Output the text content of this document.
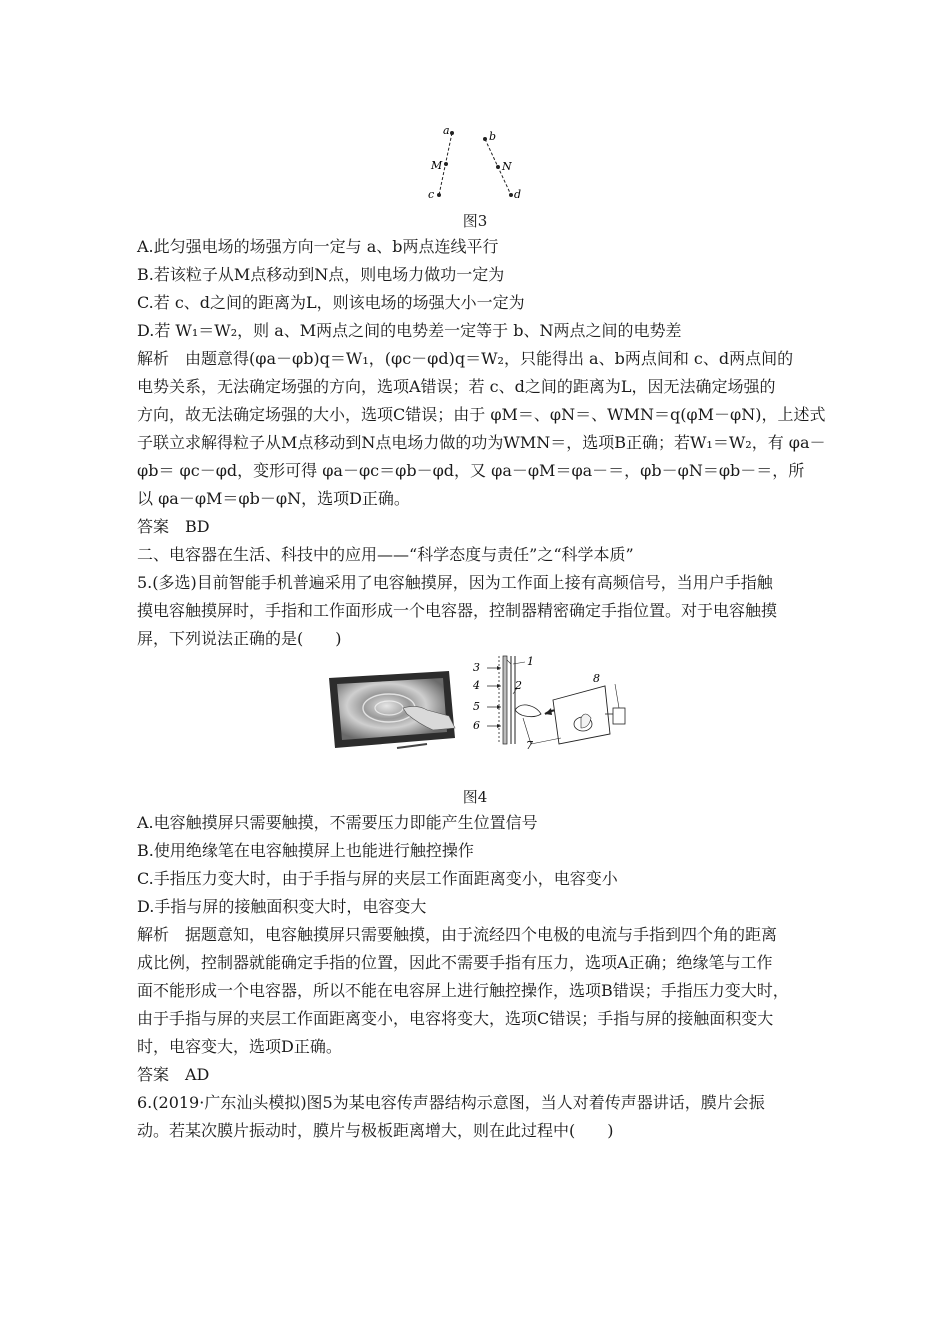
a	b
M	N
c	d
图3
A.此匀强电场的场强方向一定与 a、b两点连线平行
B.若该粒子从M点移动到N点，则电场力做功一定为
C.若 c、d之间的距离为L，则该电场的场强大小一定为
D.若 W₁＝W₂，则 a、M两点之间的电势差一定等于 b、N两点之间的电势差
解析　由题意得(φa－φb)q＝W₁，(φc－φd)q＝W₂，只能得出 a、b两点间和 c、d两点间的
电势关系，无法确定场强的方向，选项A错误；若 c、d之间的距离为L，因无法确定场强的
方向，故无法确定场强的大小，选项C错误；由于 φM＝、φN＝、WMN＝q(φM－φN)，上述式
子联立求解得粒子从M点移动到N点电场力做的功为WMN＝，选项B正确；若W₁＝W₂，有 φa－
φb＝ φc－φd，变形可得 φa－φc＝φb－φd，又 φa－φM＝φa－＝，φb－φN＝φb－＝，所
以 φa－φM＝φb－φN，选项D正确。
答案　BD
二、电容器在生活、科技中的应用——“科学态度与责任”之“科学本质”
5.(多选)目前智能手机普遍采用了电容触摸屏，因为工作面上接有高频信号，当用户手指触
摸电容触摸屏时，手指和工作面形成一个电容器，控制器精密确定手指位置。对于电容触摸
屏，下列说法正确的是(　　)
1
2
3
4
5
6
7
8
图4
A.电容触摸屏只需要触摸，不需要压力即能产生位置信号
B.使用绝缘笔在电容触摸屏上也能进行触控操作
C.手指压力变大时，由于手指与屏的夹层工作面距离变小，电容变小
D.手指与屏的接触面积变大时，电容变大
解析　据题意知，电容触摸屏只需要触摸，由于流经四个电极的电流与手指到四个角的距离
成比例，控制器就能确定手指的位置，因此不需要手指有压力，选项A正确；绝缘笔与工作
面不能形成一个电容器，所以不能在电容屏上进行触控操作，选项B错误；手指压力变大时，
由于手指与屏的夹层工作面距离变小，电容将变大，选项C错误；手指与屏的接触面积变大
时，电容变大，选项D正确。
答案　AD
6.(2019·广东汕头模拟)图5为某电容传声器结构示意图，当人对着传声器讲话，膜片会振
动。若某次膜片振动时，膜片与极板距离增大，则在此过程中(　　)
